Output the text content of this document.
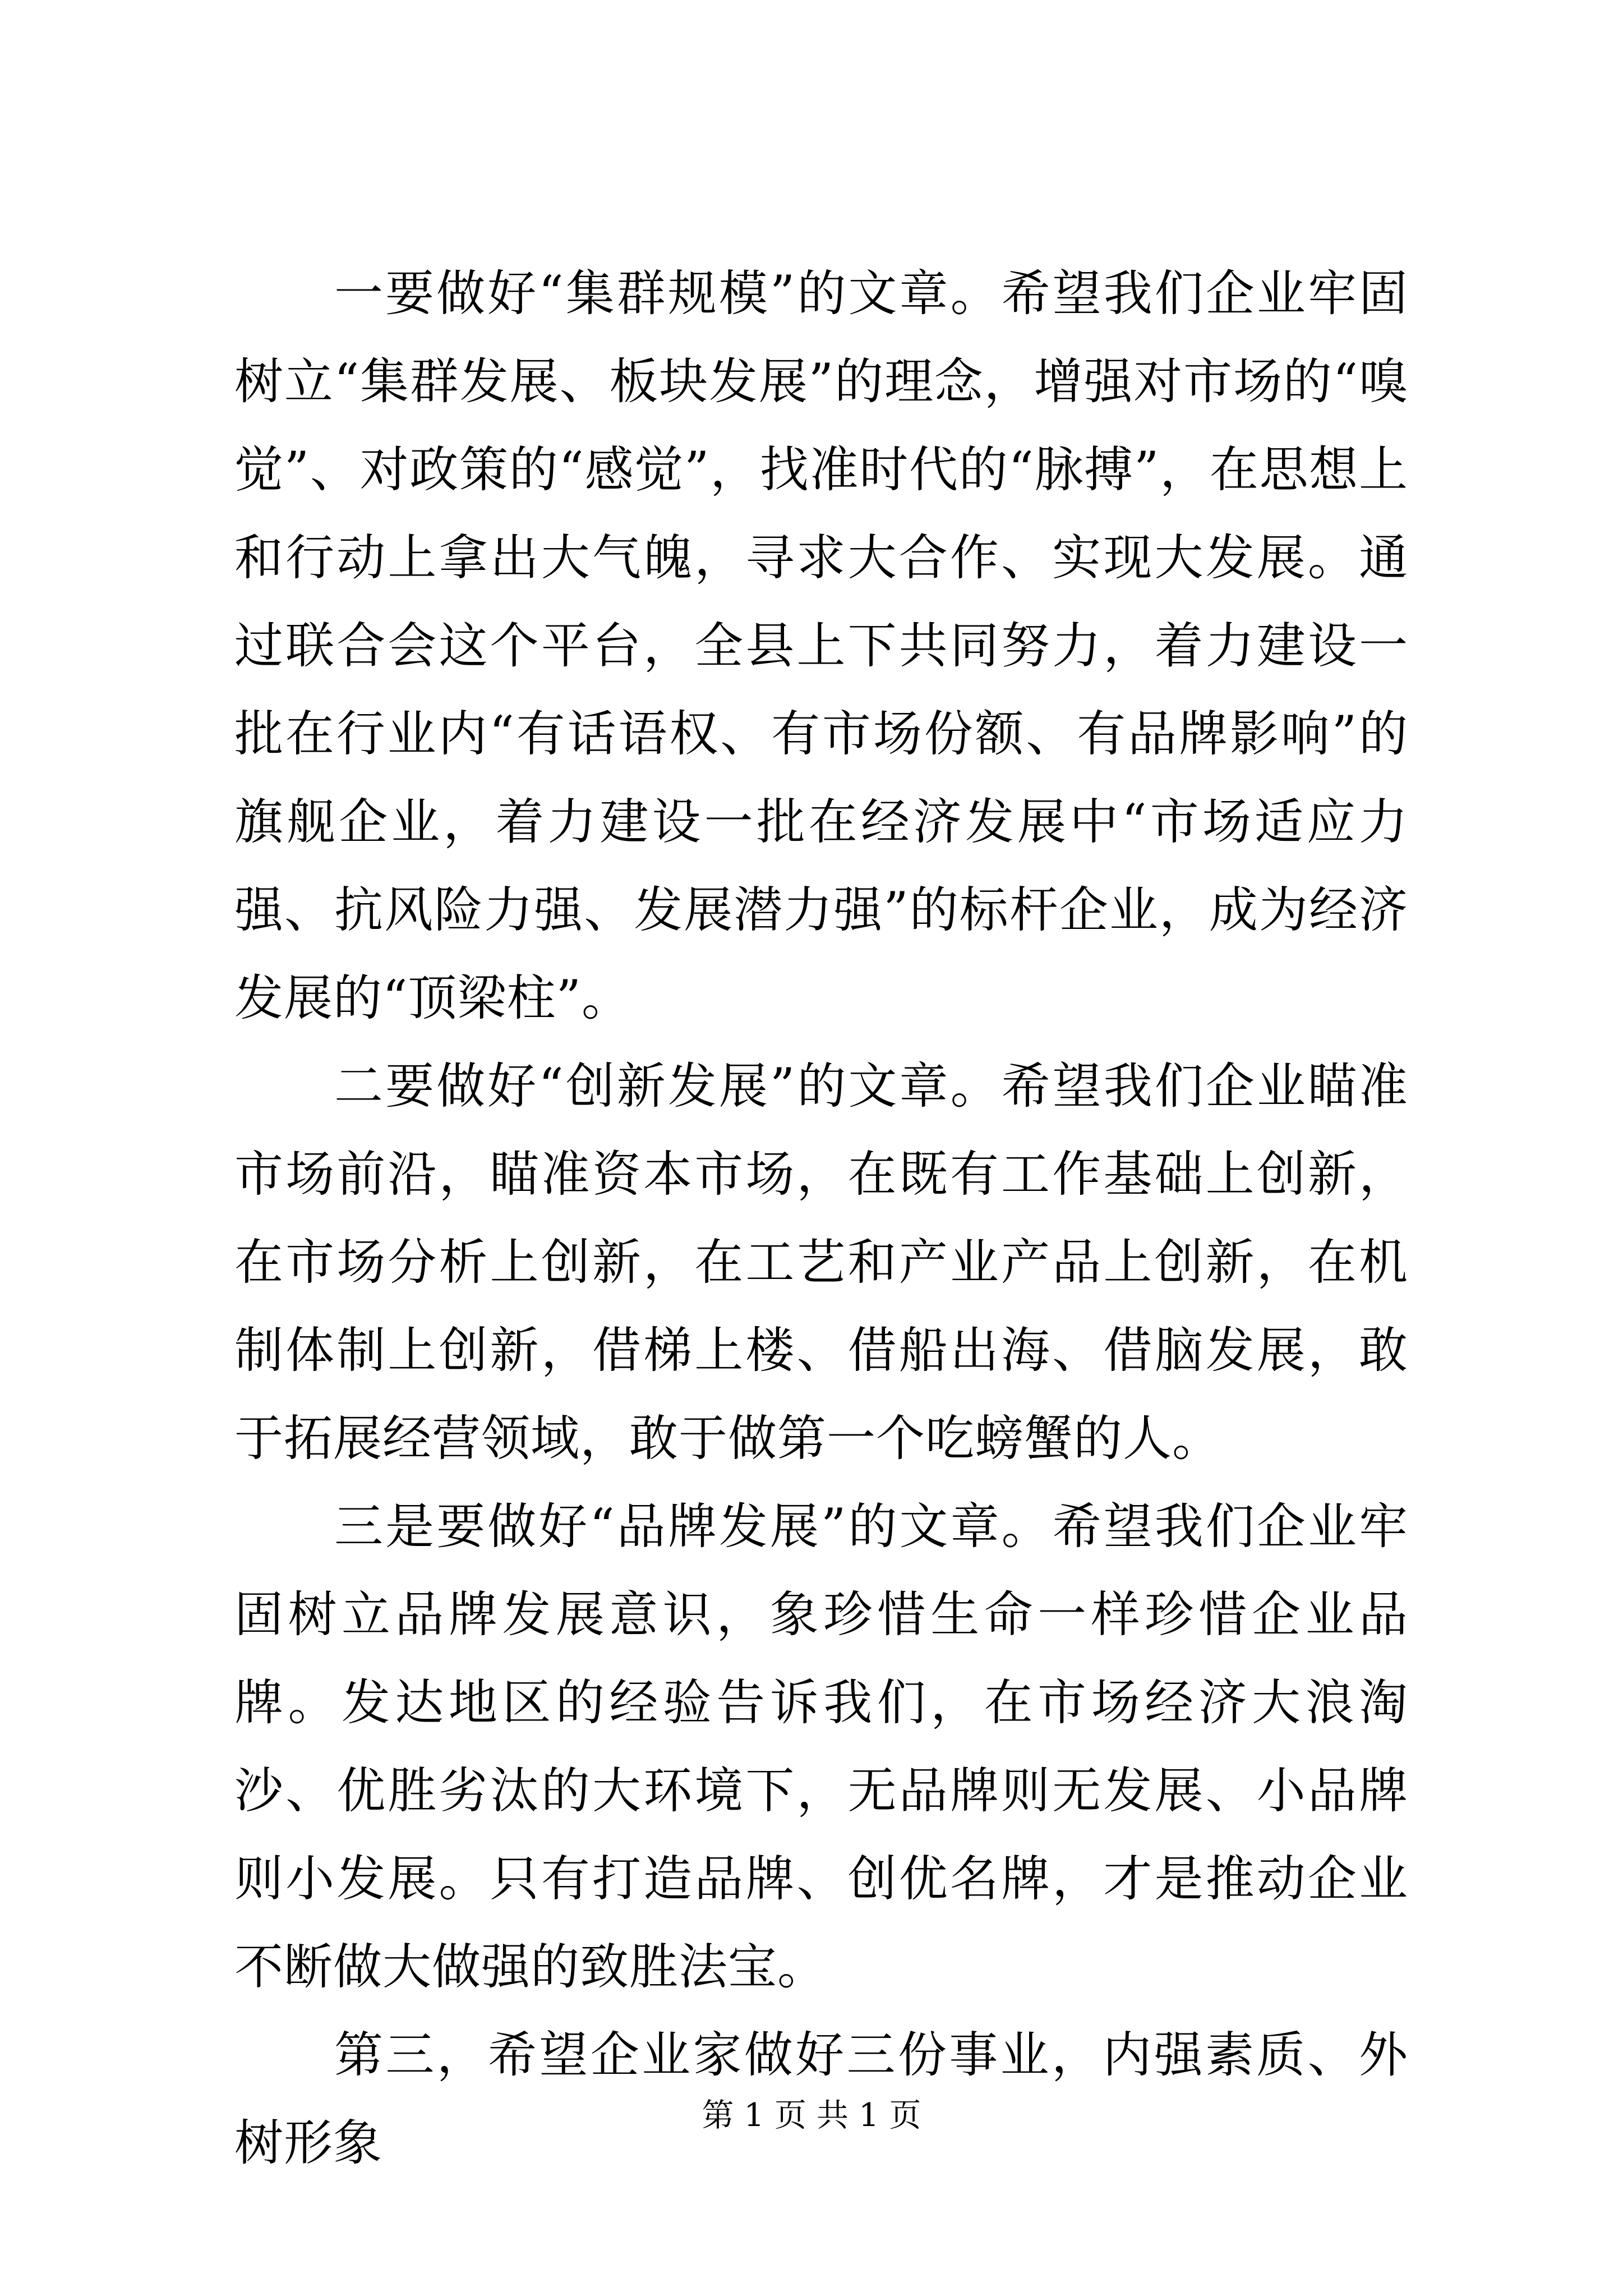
一要做好“集群规模”的文章。希望我们企业牢固树立“集群发展、板块发展”的理念，增强对市场的“嗅觉”、对政策的“感觉”，找准时代的“脉搏”，在思想上和行动上拿出大气魄，寻求大合作、实现大发展。通过联合会这个平台，全县上下共同努力，着力建设一批在行业内“有话语权、有市场份额、有品牌影响”的旗舰企业，着力建设一批在经济发展中“市场适应力强、抗风险力强、发展潜力强”的标杆企业，成为经济发展的“顶梁柱”。

二要做好“创新发展”的文章。希望我们企业瞄准市场前沿，瞄准资本市场，在既有工作基础上创新，在市场分析上创新，在工艺和产业产品上创新，在机制体制上创新，借梯上楼、借船出海、借脑发展，敢于拓展经营领域，敢于做第一个吃螃蟹的人。

三是要做好“品牌发展”的文章。希望我们企业牢固树立品牌发展意识，象珍惜生命一样珍惜企业品牌。发达地区的经验告诉我们，在市场经济大浪淘沙、优胜劣汰的大环境下，无品牌则无发展、小品牌则小发展。只有打造品牌、创优名牌，才是推动企业不断做大做强的致胜法宝。

第三，希望企业家做好三份事业，内强素质、外树形象	第 1 页 共 1 页
